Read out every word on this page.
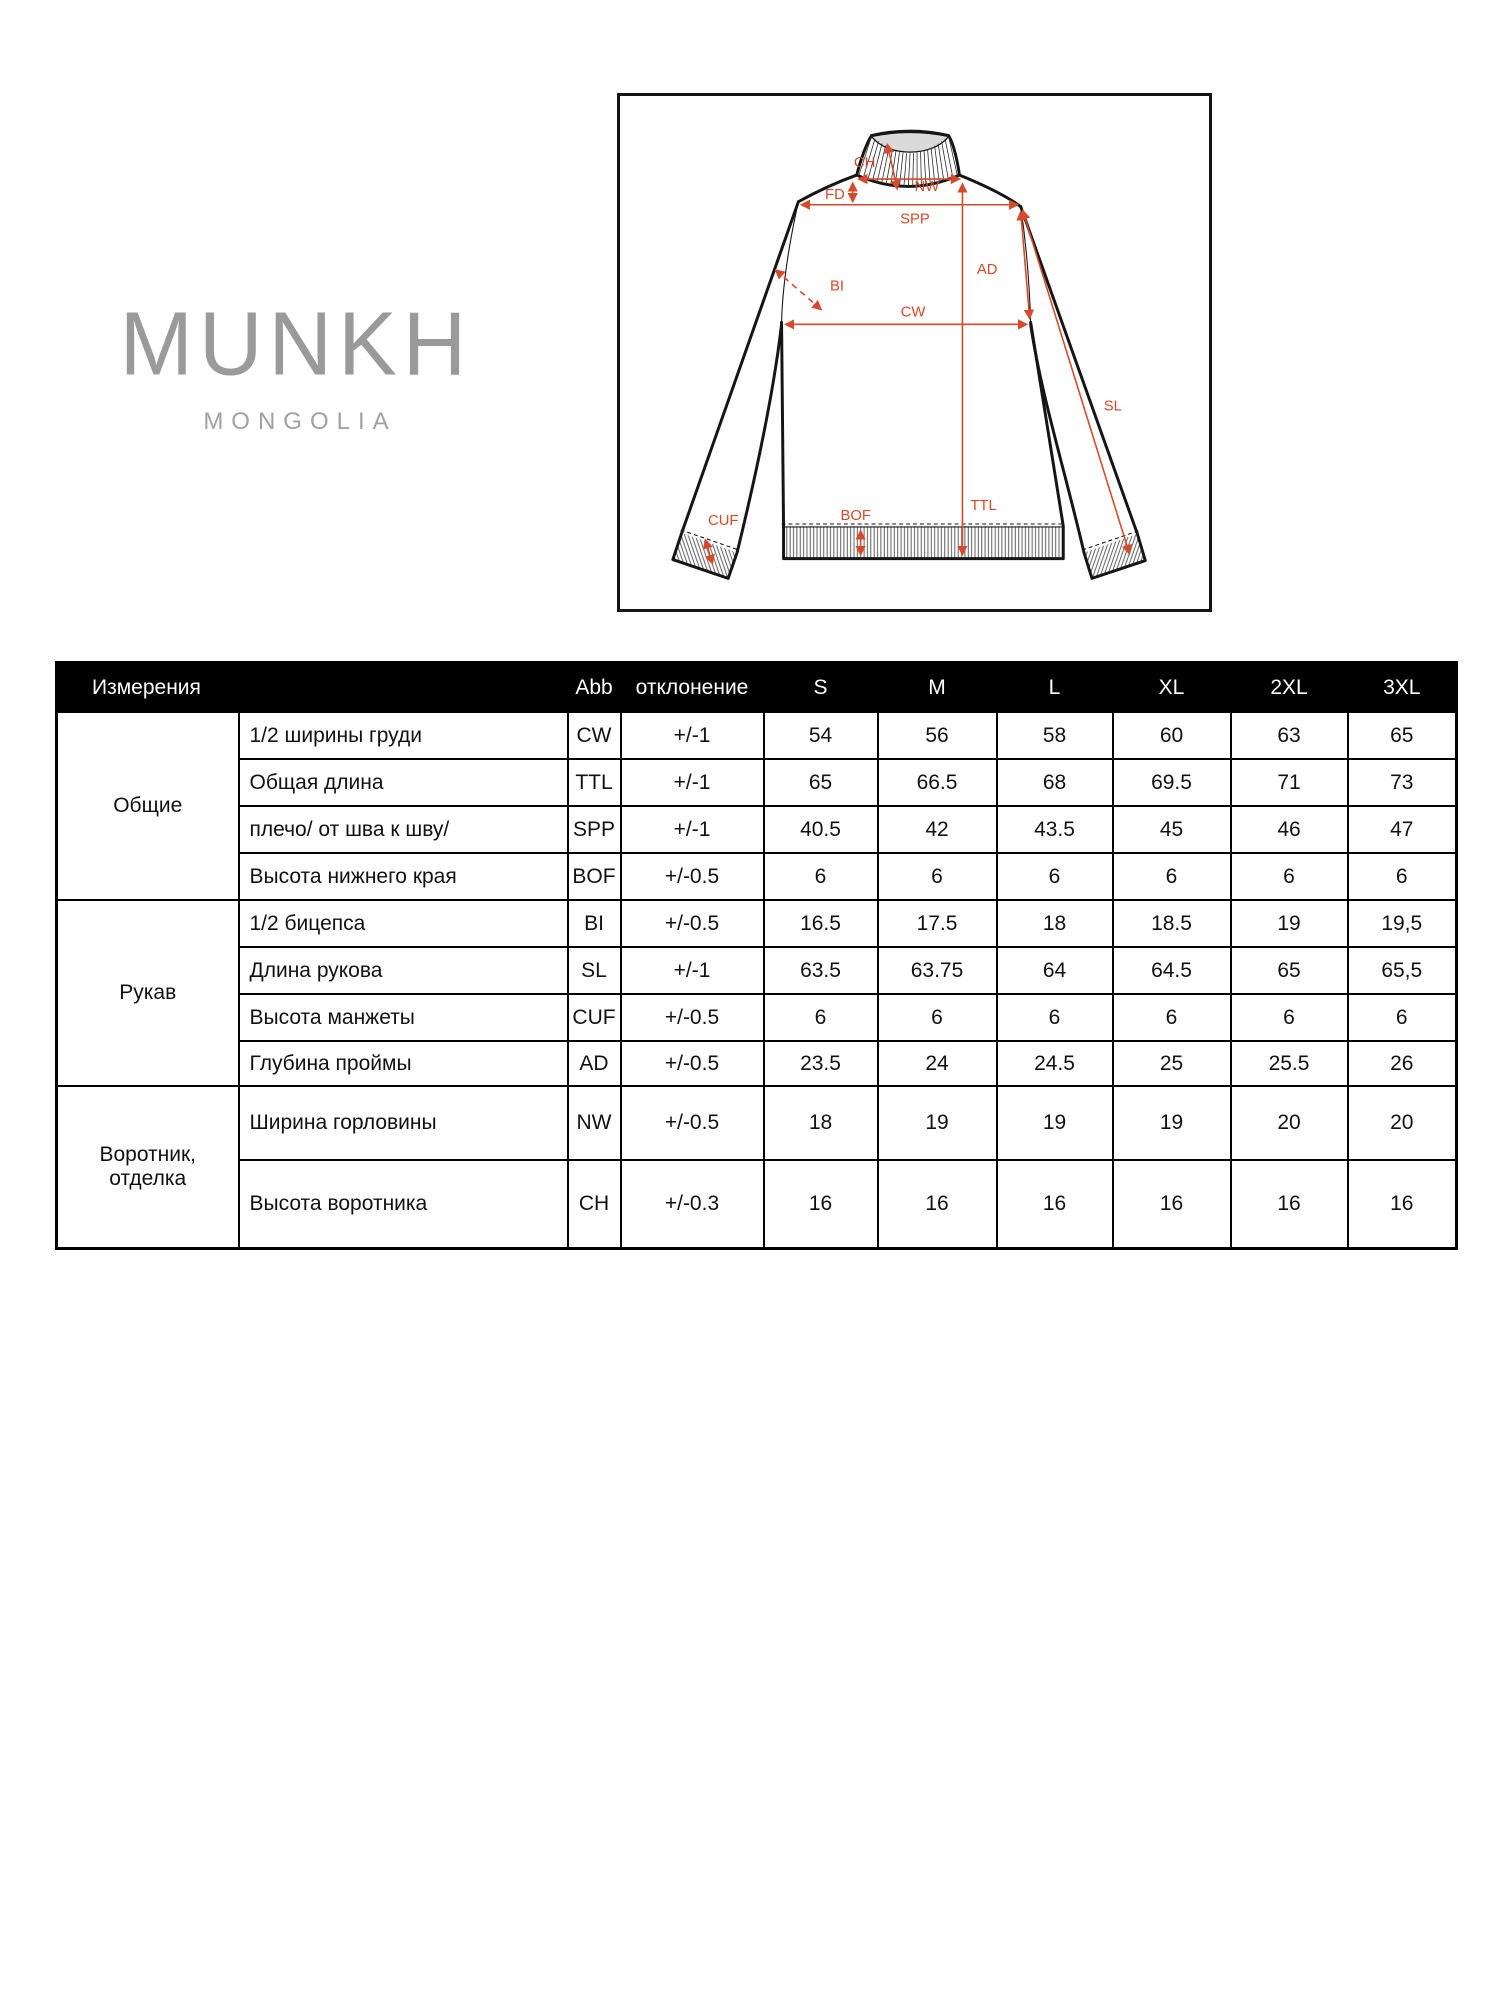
MUNKH
MONGOLIA
CH
NW
FD
SPP
BI
CW
AD
SL
TTL
BOF
CUF
Измерения		Abb	отклонение	S	M	L	XL	2XL	3XL
Общие	1/2 ширины груди	CW	+/-1	54	56	58	60	63	65
	Общая длина	TTL	+/-1	65	66.5	68	69.5	71	73
	плечо/ от шва к шву/	SPP	+/-1	40.5	42	43.5	45	46	47
	Высота нижнего края	BOF	+/-0.5	6	6	6	6	6	6
Рукав	1/2 бицепса	BI	+/-0.5	16.5	17.5	18	18.5	19	19,5
	Длина рукова	SL	+/-1	63.5	63.75	64	64.5	65	65,5
	Высота манжеты	CUF	+/-0.5	6	6	6	6	6	6
	Глубина проймы	AD	+/-0.5	23.5	24	24.5	25	25.5	26
Воротник, отделка	Ширина горловины	NW	+/-0.5	18	19	19	19	20	20
	Высота воротника	CH	+/-0.3	16	16	16	16	16	16
